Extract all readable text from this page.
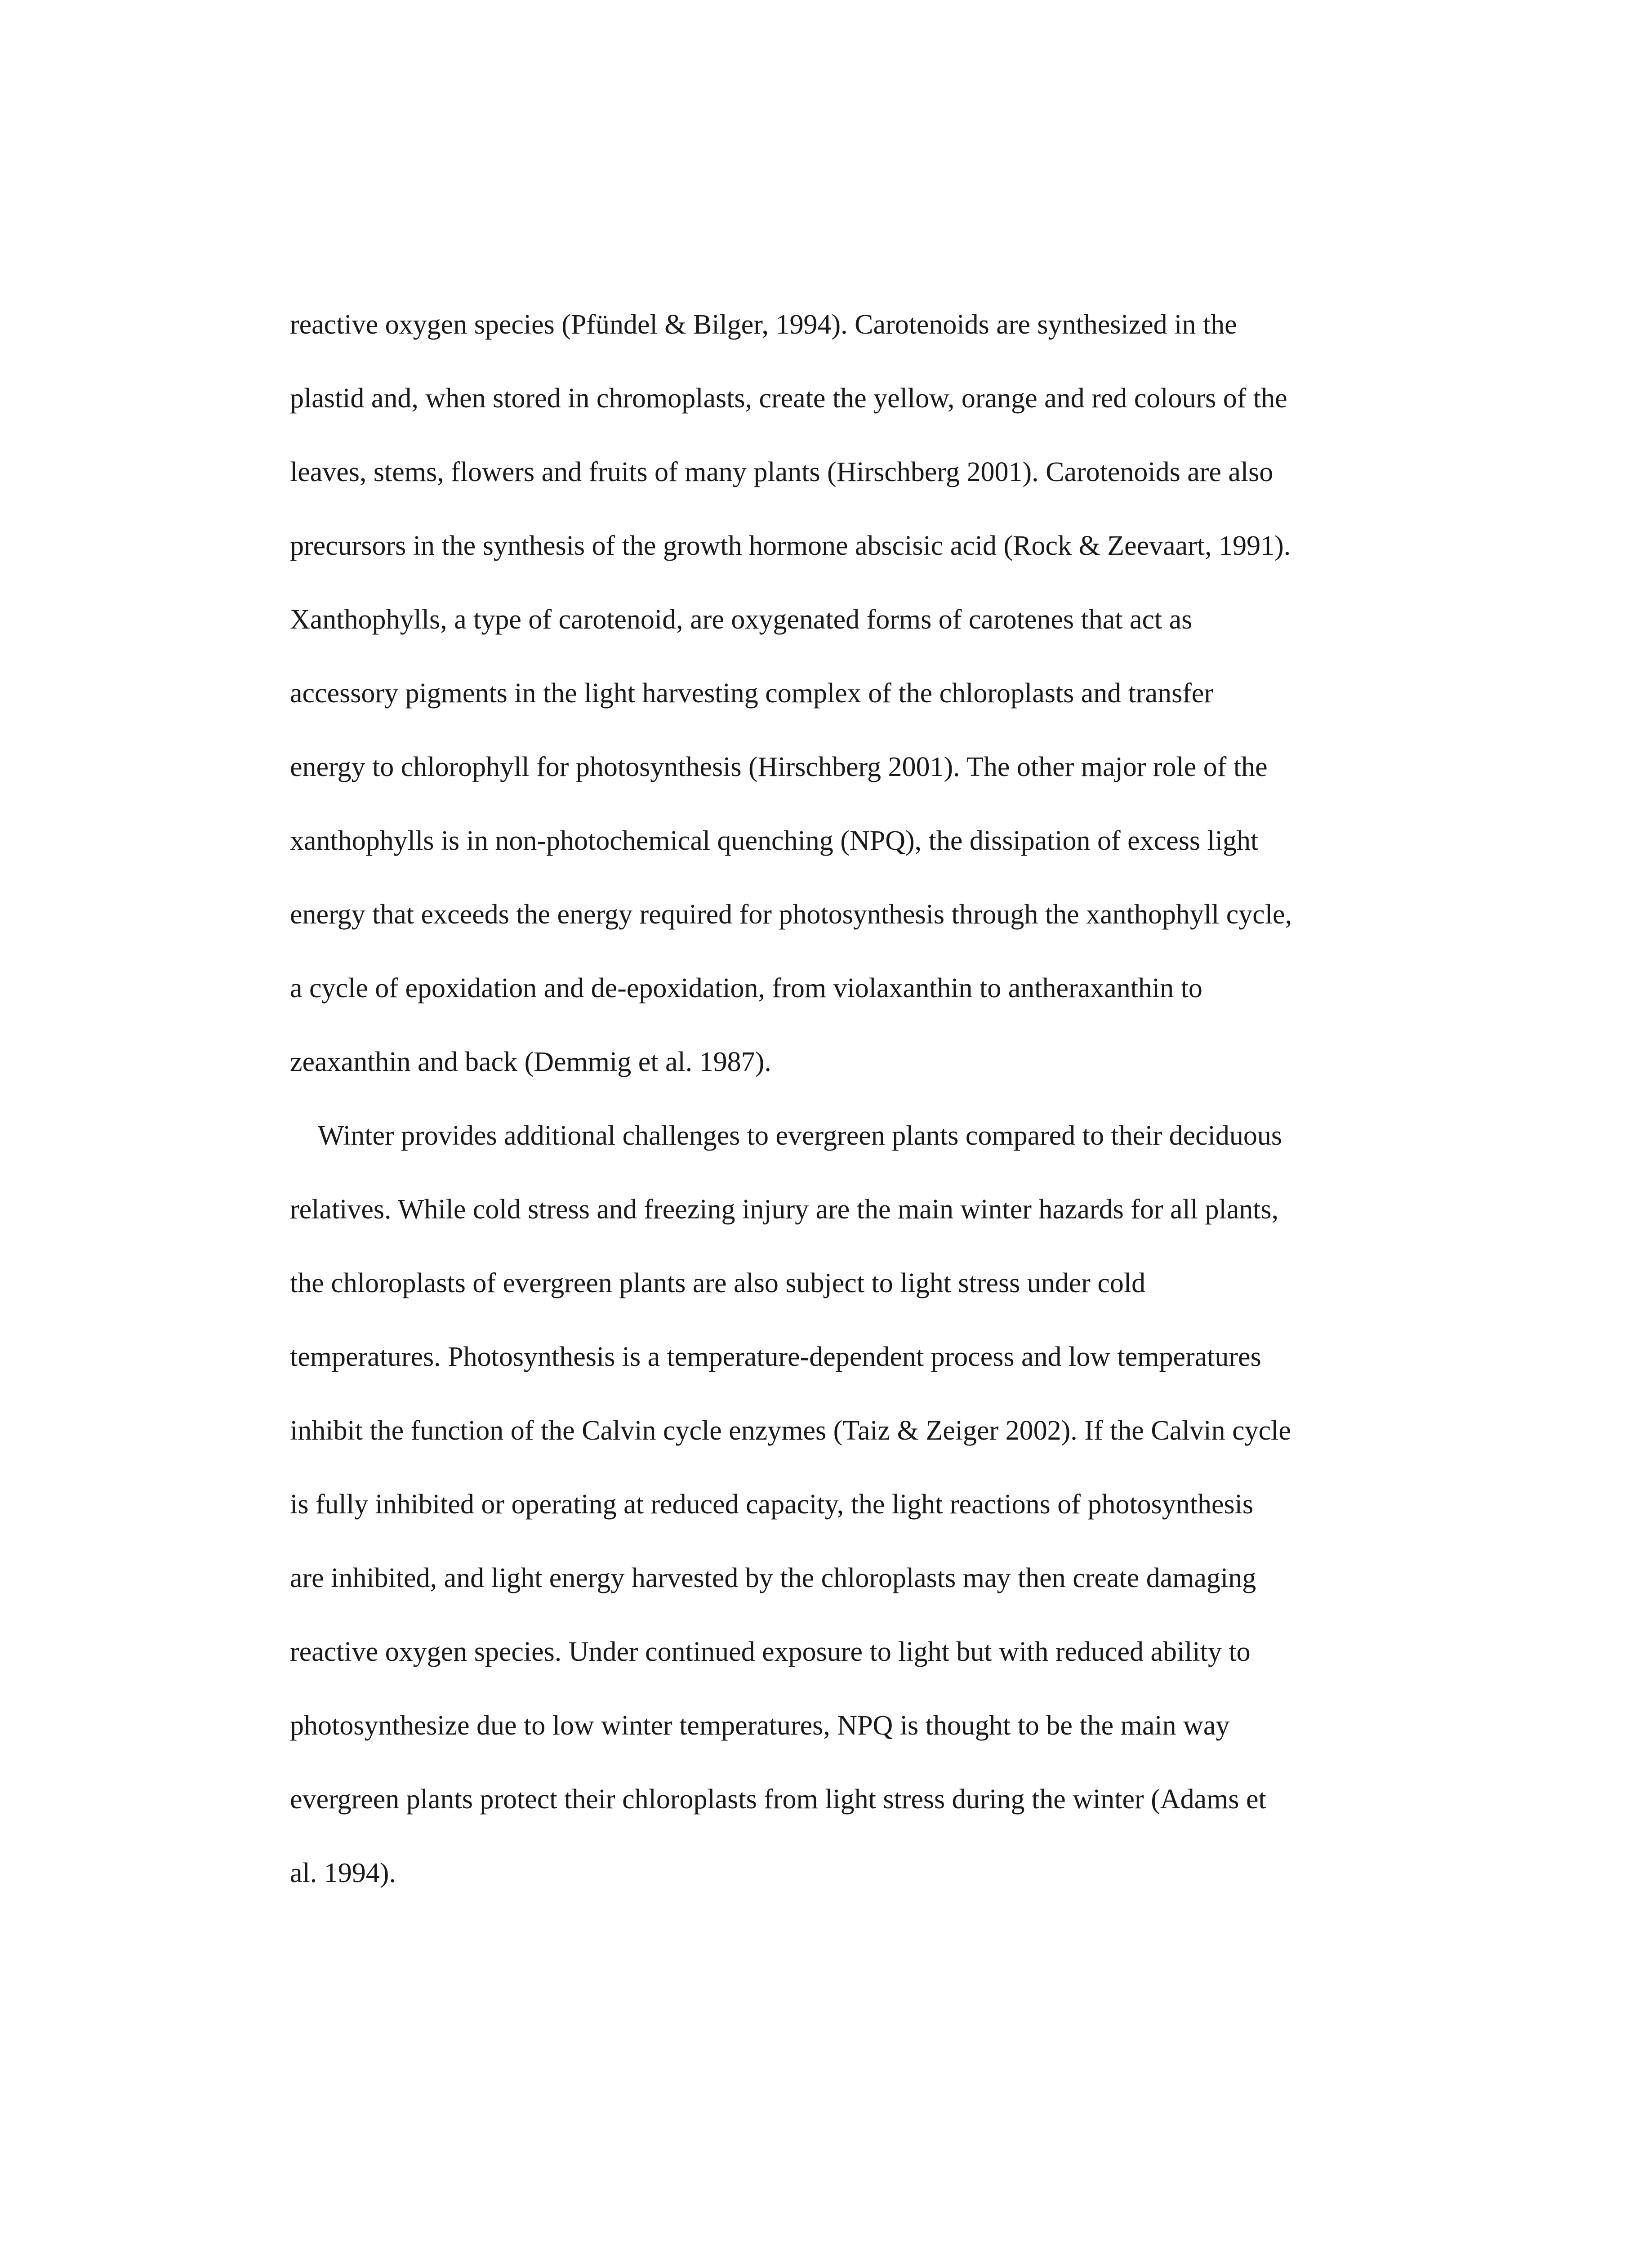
reactive oxygen species (Pfündel & Bilger, 1994). Carotenoids are synthesized in the
plastid and, when stored in chromoplasts, create the yellow, orange and red colours of the
leaves, stems, flowers and fruits of many plants (Hirschberg 2001). Carotenoids are also
precursors in the synthesis of the growth hormone abscisic acid (Rock & Zeevaart, 1991).
Xanthophylls, a type of carotenoid, are oxygenated forms of carotenes that act as
accessory pigments in the light harvesting complex of the chloroplasts and transfer
energy to chlorophyll for photosynthesis (Hirschberg 2001). The other major role of the
xanthophylls is in non-photochemical quenching (NPQ), the dissipation of excess light
energy that exceeds the energy required for photosynthesis through the xanthophyll cycle,
a cycle of epoxidation and de-epoxidation, from violaxanthin to antheraxanthin to
zeaxanthin and back (Demmig et al. 1987).
Winter provides additional challenges to evergreen plants compared to their deciduous
relatives. While cold stress and freezing injury are the main winter hazards for all plants,
the chloroplasts of evergreen plants are also subject to light stress under cold
temperatures. Photosynthesis is a temperature-dependent process and low temperatures
inhibit the function of the Calvin cycle enzymes (Taiz & Zeiger 2002). If the Calvin cycle
is fully inhibited or operating at reduced capacity, the light reactions of photosynthesis
are inhibited, and light energy harvested by the chloroplasts may then create damaging
reactive oxygen species. Under continued exposure to light but with reduced ability to
photosynthesize due to low winter temperatures, NPQ is thought to be the main way
evergreen plants protect their chloroplasts from light stress during the winter (Adams et
al. 1994).
